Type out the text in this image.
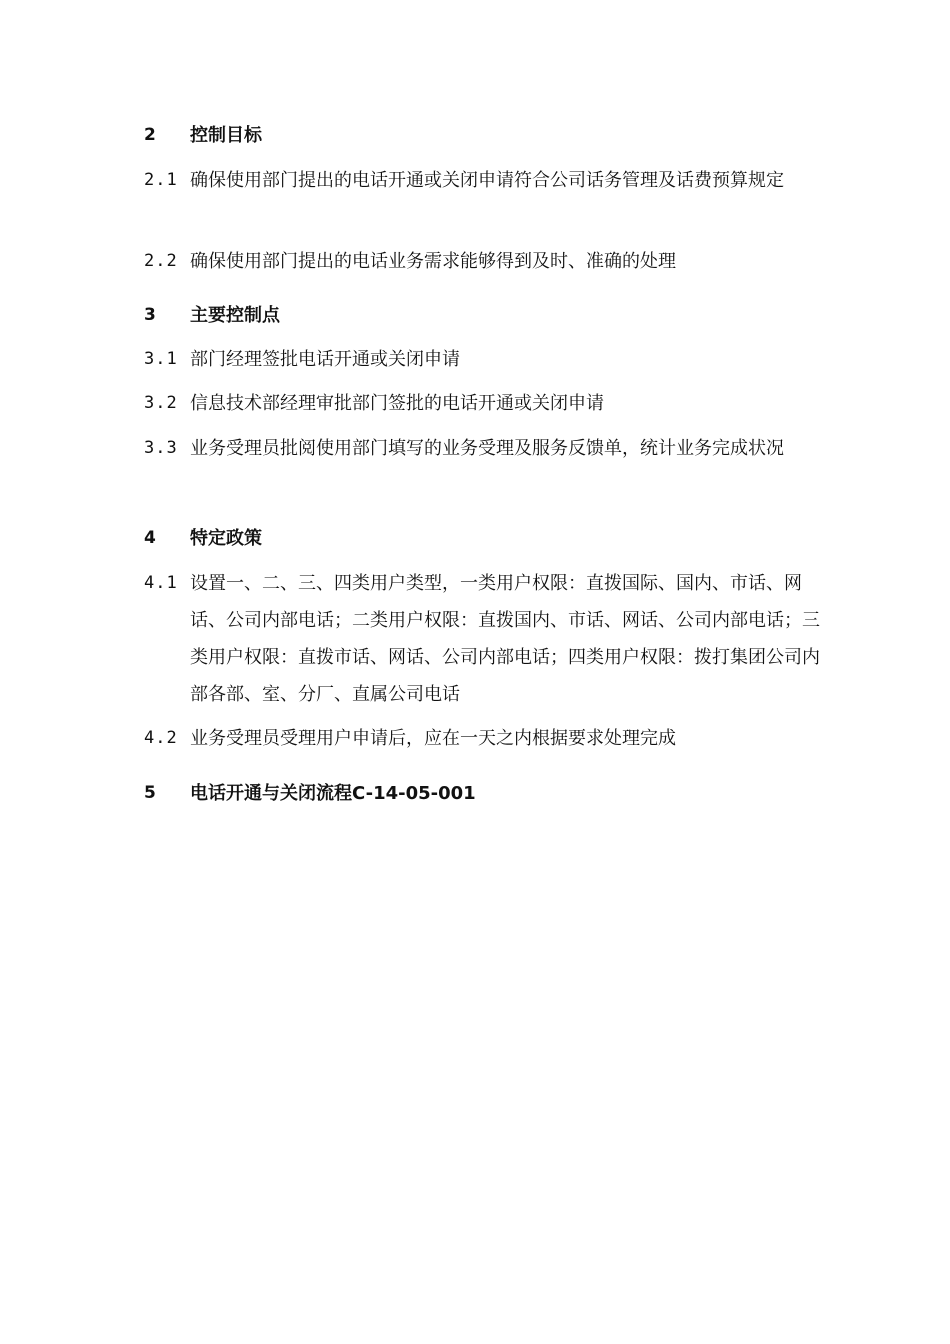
2 控制目标
2.1 确保使用部门提出的电话开通或关闭申请符合公司话务管理及话费预算规定
2.2 确保使用部门提出的电话业务需求能够得到及时、准确的处理
3 主要控制点
3.1 部门经理签批电话开通或关闭申请
3.2 信息技术部经理审批部门签批的电话开通或关闭申请
3.3 业务受理员批阅使用部门填写的业务受理及服务反馈单，统计业务完成状况
4 特定政策
4.1 设置一、二、三、四类用户类型，一类用户权限：直拨国际、国内、市话、网话、公司内部电话；二类用户权限：直拨国内、市话、网话、公司内部电话；三类用户权限：直拨市话、网话、公司内部电话；四类用户权限：拨打集团公司内部各部、室、分厂、直属公司电话
4.2 业务受理员受理用户申请后，应在一天之内根据要求处理完成
5 电话开通与关闭流程C-14-05-001
